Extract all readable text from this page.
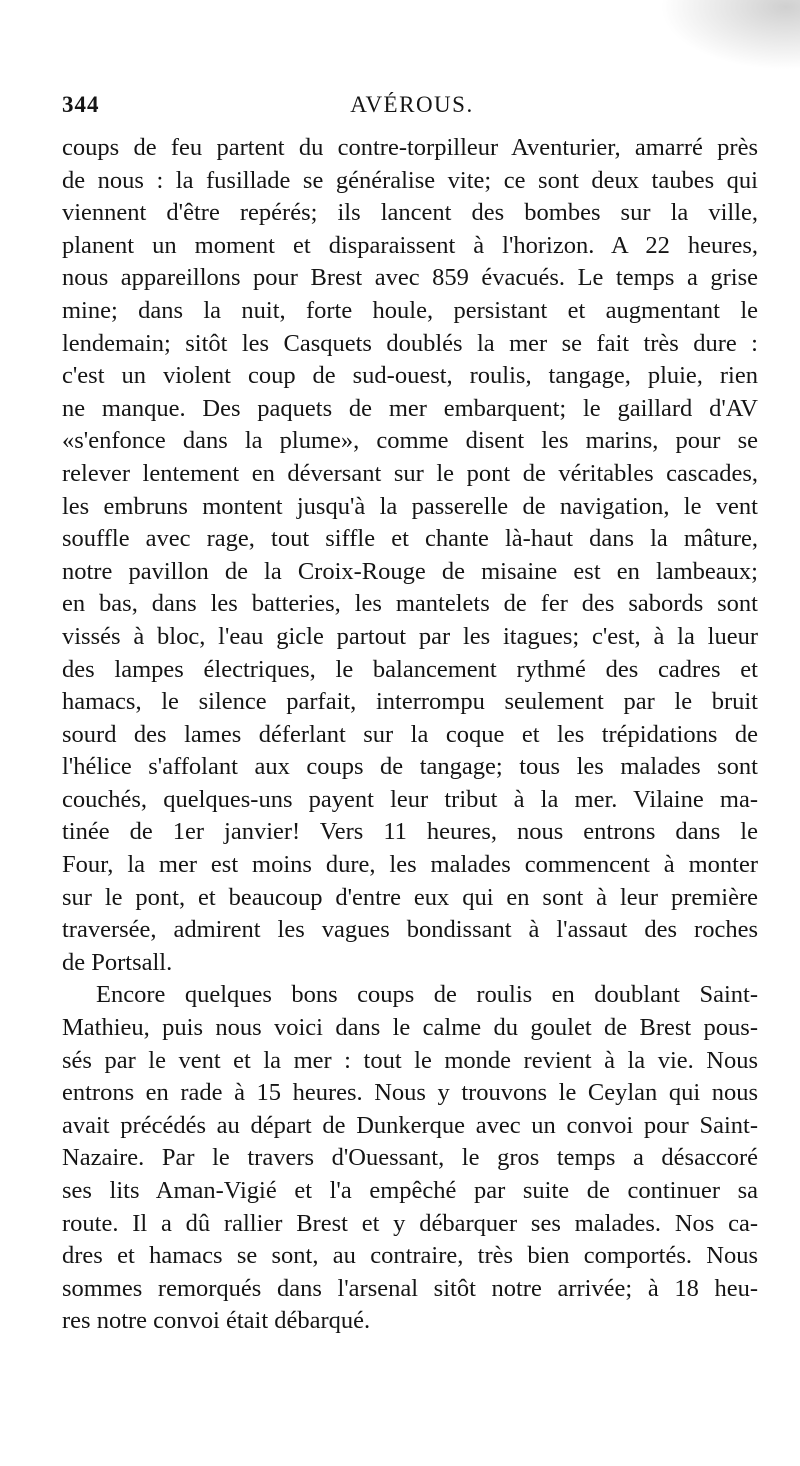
344	AVÉROUS.
coups de feu partent du contre-torpilleur Aventurier, amarré près
de nous : la fusillade se généralise vite; ce sont deux taubes qui
viennent d'être repérés; ils lancent des bombes sur la ville,
planent un moment et disparaissent à l'horizon. A 22 heures,
nous appareillons pour Brest avec 859 évacués. Le temps a grise
mine; dans la nuit, forte houle, persistant et augmentant le
lendemain; sitôt les Casquets doublés la mer se fait très dure :
c'est un violent coup de sud-ouest, roulis, tangage, pluie, rien
ne manque. Des paquets de mer embarquent; le gaillard d'AV
«s'enfonce dans la plume», comme disent les marins, pour se
relever lentement en déversant sur le pont de véritables cascades,
les embruns montent jusqu'à la passerelle de navigation, le vent
souffle avec rage, tout siffle et chante là-haut dans la mâture,
notre pavillon de la Croix-Rouge de misaine est en lambeaux;
en bas, dans les batteries, les mantelets de fer des sabords sont
vissés à bloc, l'eau gicle partout par les itagues; c'est, à la lueur
des lampes électriques, le balancement rythmé des cadres et
hamacs, le silence parfait, interrompu seulement par le bruit
sourd des lames déferlant sur la coque et les trépidations de
l'hélice s'affolant aux coups de tangage; tous les malades sont
couchés, quelques-uns payent leur tribut à la mer. Vilaine ma-
tinée de 1er janvier! Vers 11 heures, nous entrons dans le
Four, la mer est moins dure, les malades commencent à monter
sur le pont, et beaucoup d'entre eux qui en sont à leur première
traversée, admirent les vagues bondissant à l'assaut des roches
de Portsall.
Encore quelques bons coups de roulis en doublant Saint-
Mathieu, puis nous voici dans le calme du goulet de Brest pous-
sés par le vent et la mer : tout le monde revient à la vie. Nous
entrons en rade à 15 heures. Nous y trouvons le Ceylan qui nous
avait précédés au départ de Dunkerque avec un convoi pour Saint-
Nazaire. Par le travers d'Ouessant, le gros temps a désaccoré
ses lits Aman-Vigié et l'a empêché par suite de continuer sa
route. Il a dû rallier Brest et y débarquer ses malades. Nos ca-
dres et hamacs se sont, au contraire, très bien comportés. Nous
sommes remorqués dans l'arsenal sitôt notre arrivée; à 18 heu-
res notre convoi était débarqué.
